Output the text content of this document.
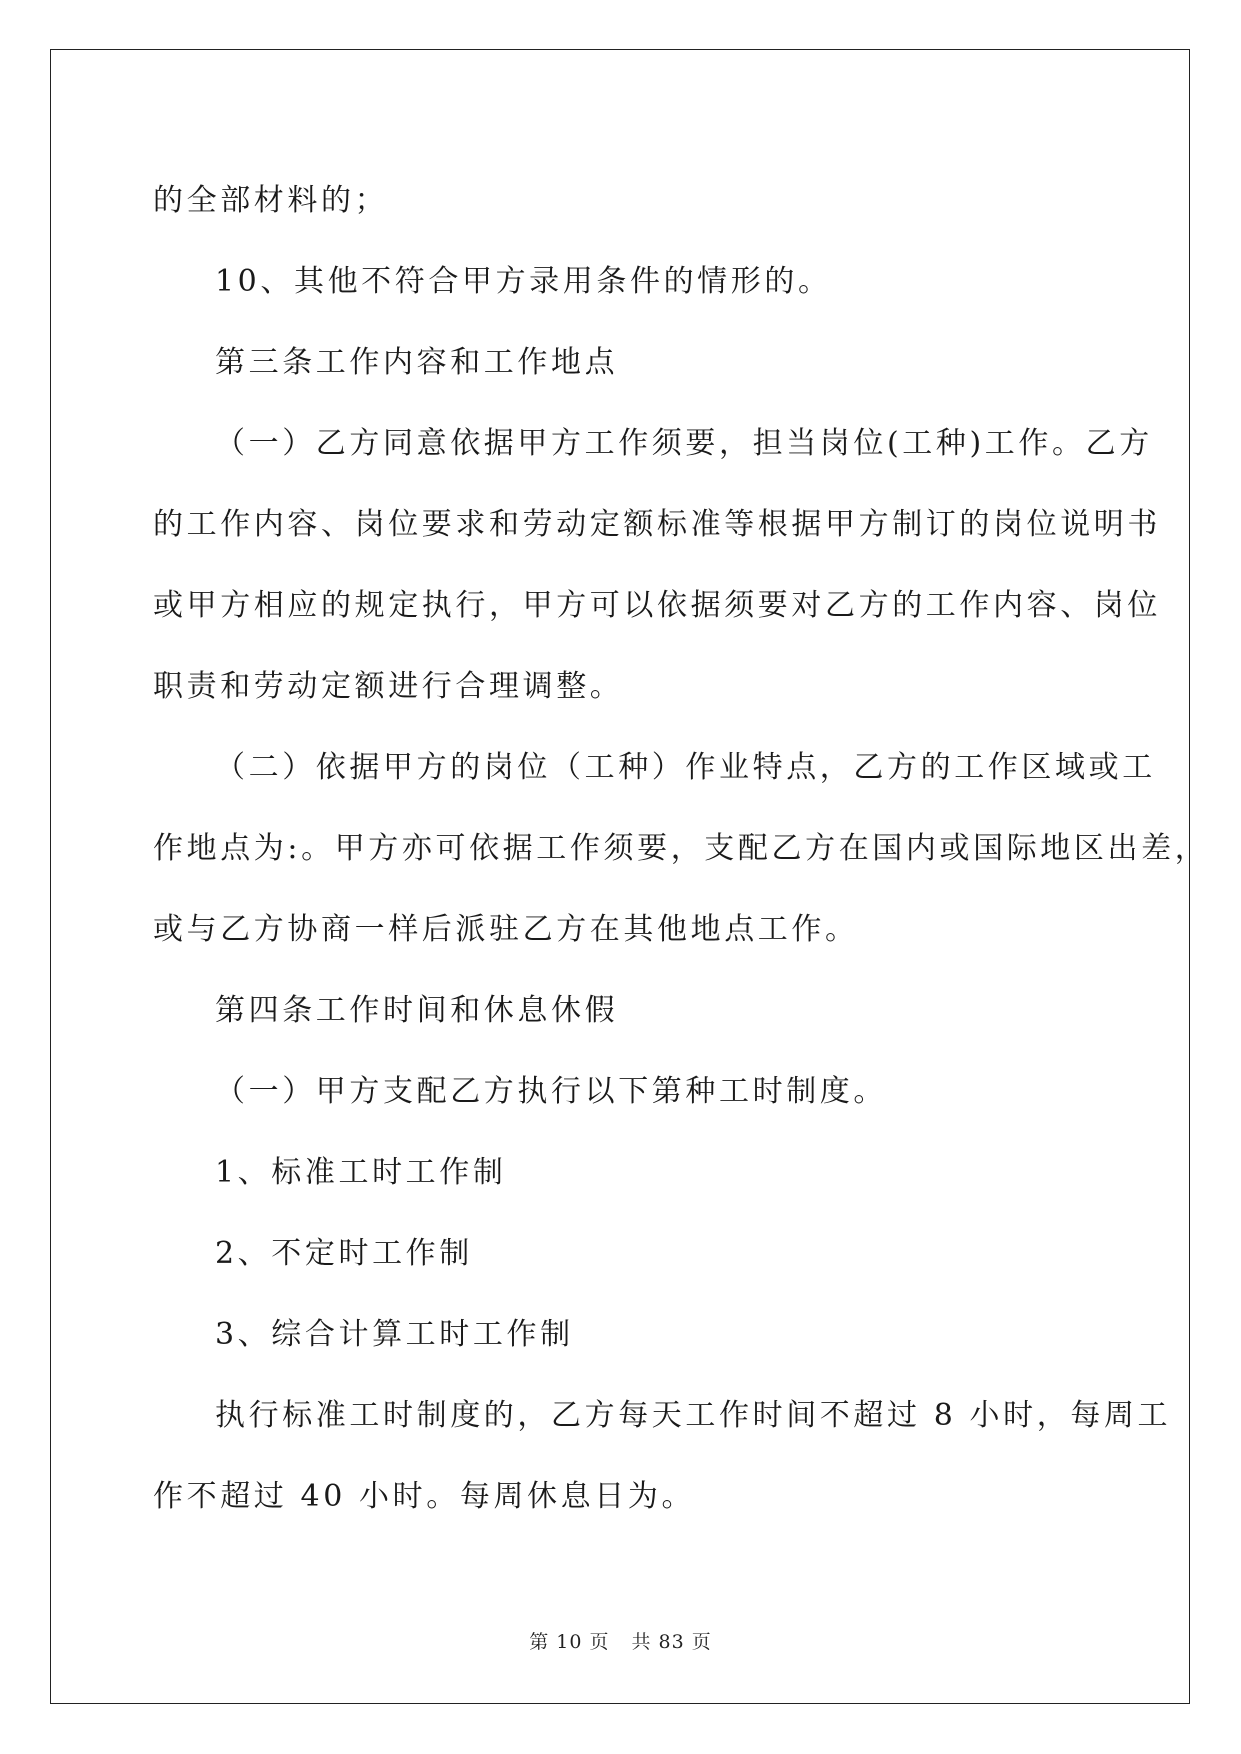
的全部材料的；

10、其他不符合甲方录用条件的情形的。

第三条工作内容和工作地点

（一）乙方同意依据甲方工作须要，担当岗位(工种)工作。乙方

的工作内容、岗位要求和劳动定额标准等根据甲方制订的岗位说明书

或甲方相应的规定执行，甲方可以依据须要对乙方的工作内容、岗位

职责和劳动定额进行合理调整。

（二）依据甲方的岗位（工种）作业特点，乙方的工作区域或工

作地点为:。甲方亦可依据工作须要，支配乙方在国内或国际地区出差，

或与乙方协商一样后派驻乙方在其他地点工作。

第四条工作时间和休息休假

（一）甲方支配乙方执行以下第种工时制度。

1、标准工时工作制

2、不定时工作制

3、综合计算工时工作制

执行标准工时制度的，乙方每天工作时间不超过 8 小时，每周工

作不超过 40 小时。每周休息日为。

第 10 页 共 83 页
